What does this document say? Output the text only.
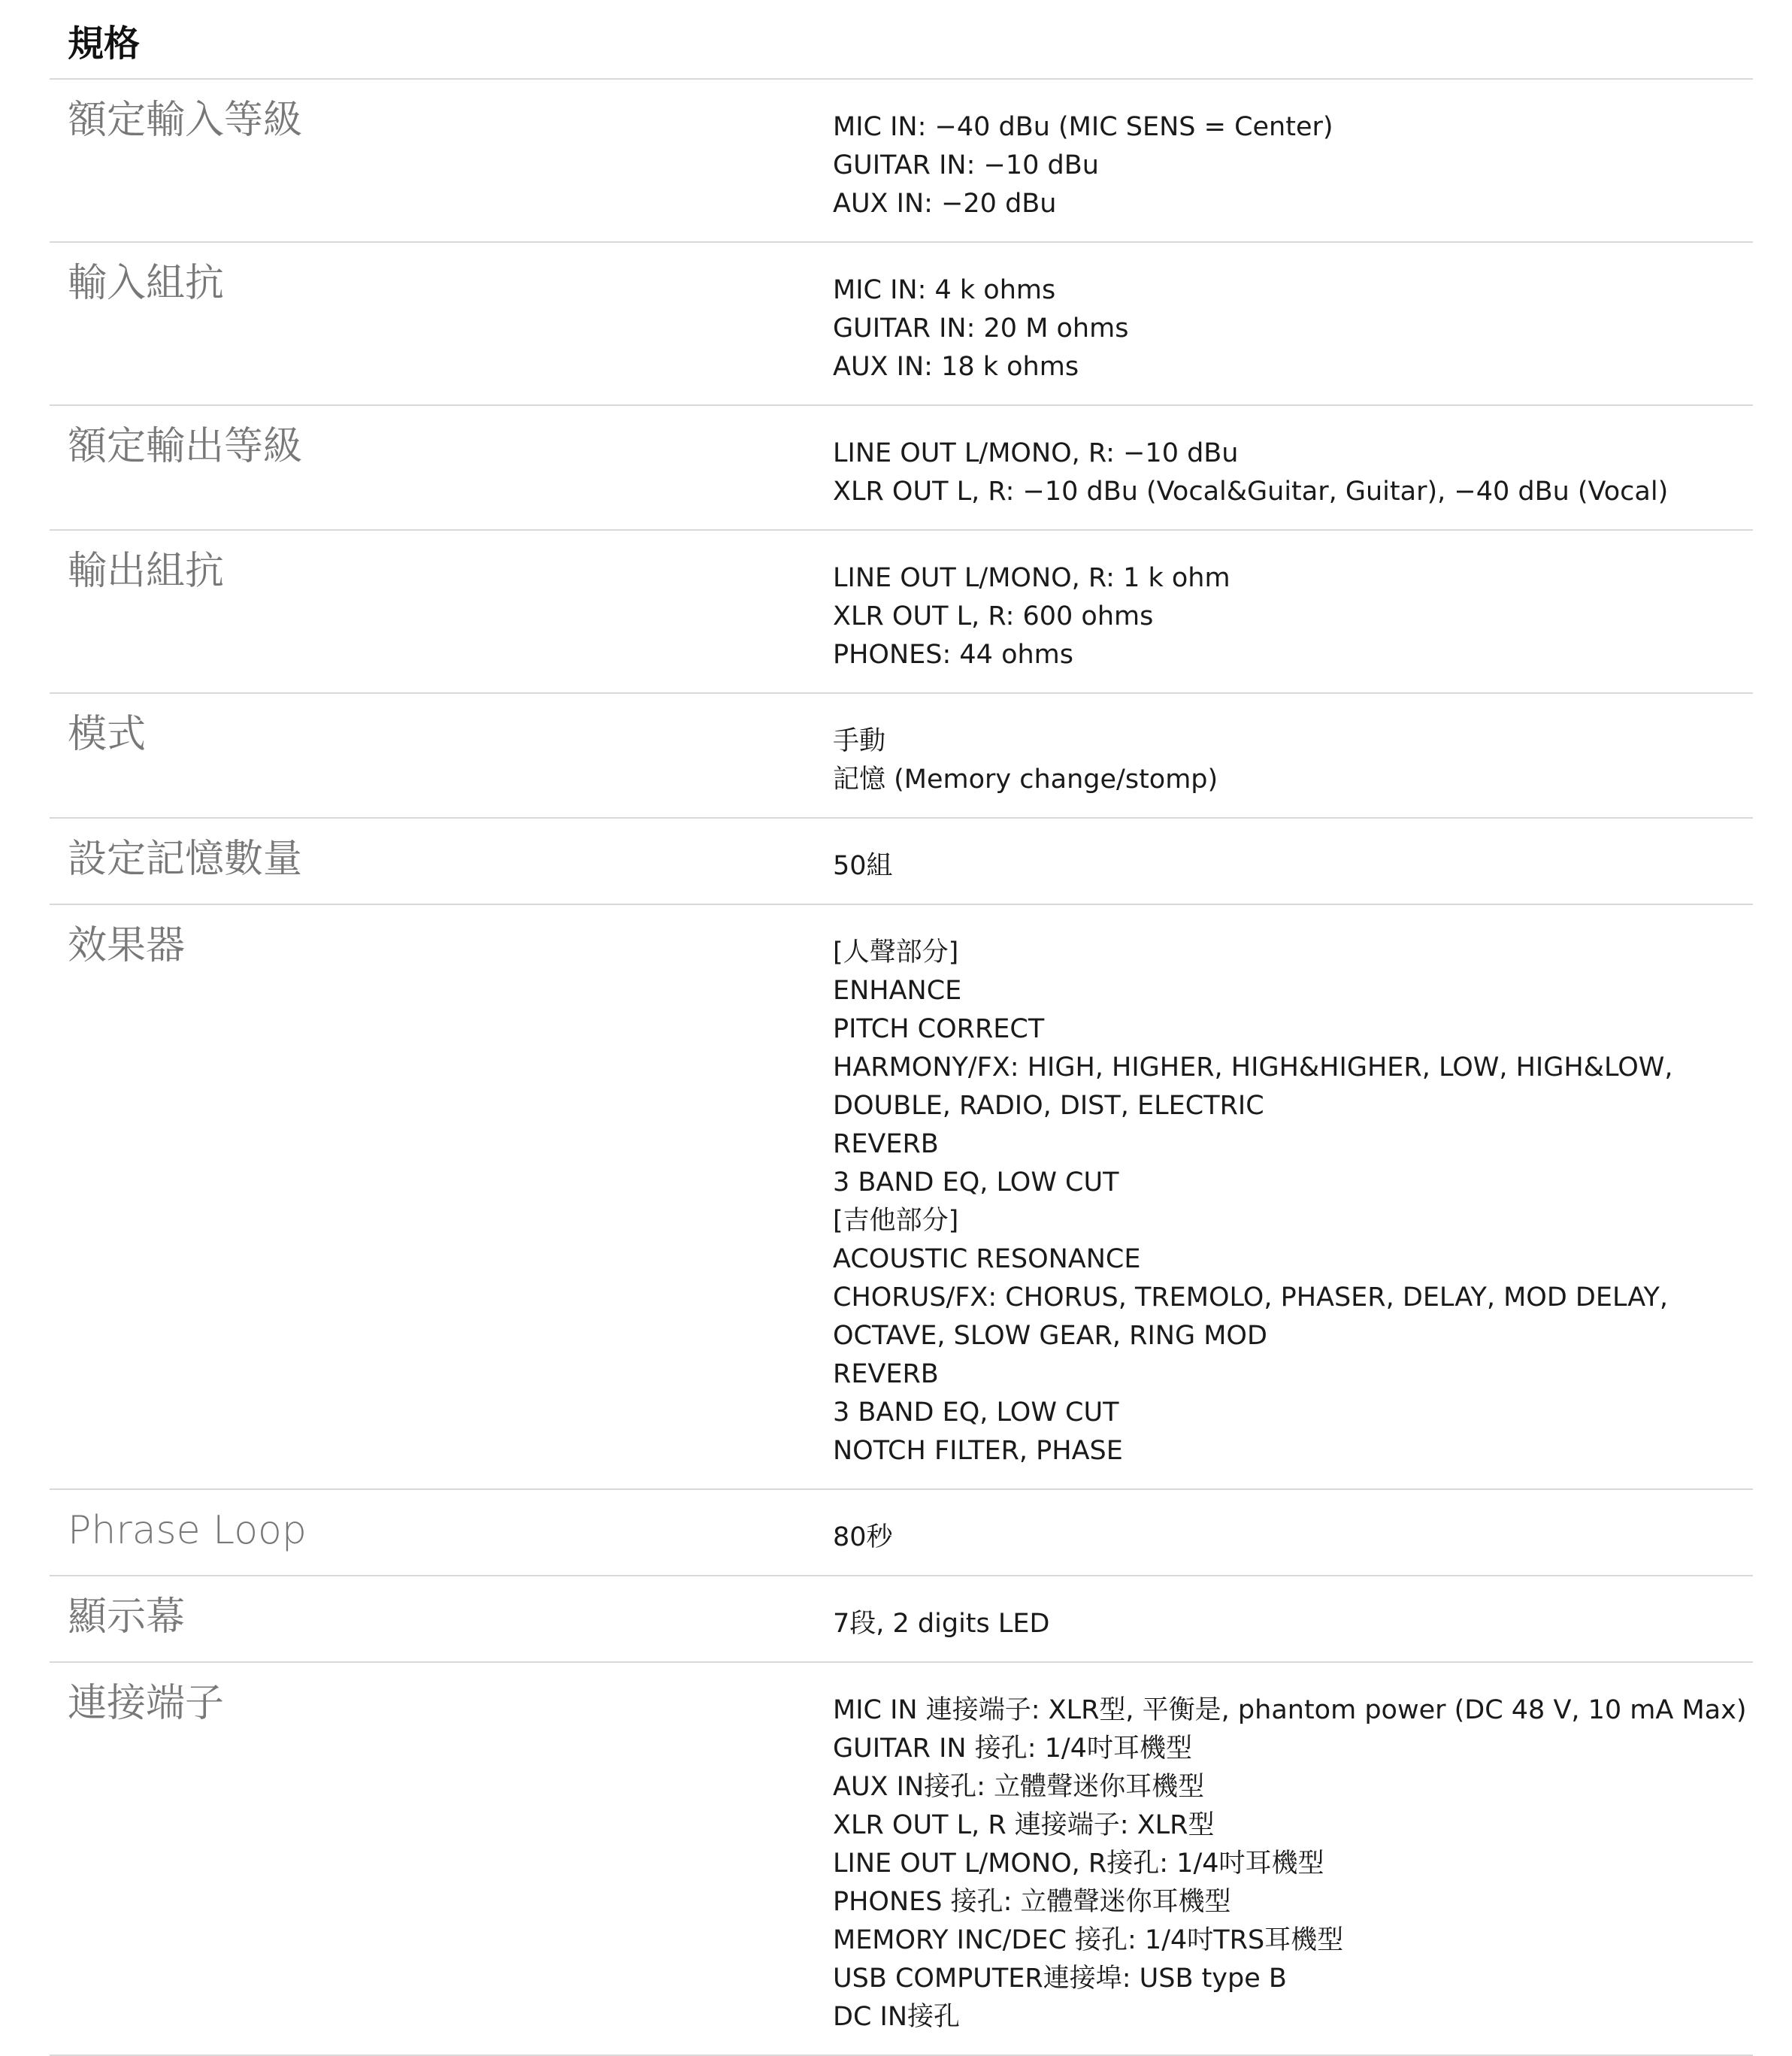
規格
額定輸入等級	MIC IN: −40 dBu (MIC SENS = Center)
GUITAR IN: −10 dBu
AUX IN: −20 dBu
輸入組抗	MIC IN: 4 k ohms
GUITAR IN: 20 M ohms
AUX IN: 18 k ohms
額定輸出等級	LINE OUT L/MONO, R: −10 dBu
XLR OUT L, R: −10 dBu (Vocal&Guitar, Guitar), −40 dBu (Vocal)
輸出組抗	LINE OUT L/MONO, R: 1 k ohm
XLR OUT L, R: 600 ohms
PHONES: 44 ohms
模式	手動
記憶 (Memory change/stomp)
設定記憶數量	50組
效果器	[人聲部分]
ENHANCE
PITCH CORRECT
HARMONY/FX: HIGH, HIGHER, HIGH&HIGHER, LOW, HIGH&LOW,
DOUBLE, RADIO, DIST, ELECTRIC
REVERB
3 BAND EQ, LOW CUT
[吉他部分]
ACOUSTIC RESONANCE
CHORUS/FX: CHORUS, TREMOLO, PHASER, DELAY, MOD DELAY,
OCTAVE, SLOW GEAR, RING MOD
REVERB
3 BAND EQ, LOW CUT
NOTCH FILTER, PHASE
Phrase Loop	80秒
顯示幕	7段, 2 digits LED
連接端子	MIC IN 連接端子: XLR型, 平衡是, phantom power (DC 48 V, 10 mA Max)
GUITAR IN 接孔: 1/4吋耳機型
AUX IN接孔: 立體聲迷你耳機型
XLR OUT L, R 連接端子: XLR型
LINE OUT L/MONO, R接孔: 1/4吋耳機型
PHONES 接孔: 立體聲迷你耳機型
MEMORY INC/DEC 接孔: 1/4吋TRS耳機型
USB COMPUTER連接埠: USB type B
DC IN接孔
